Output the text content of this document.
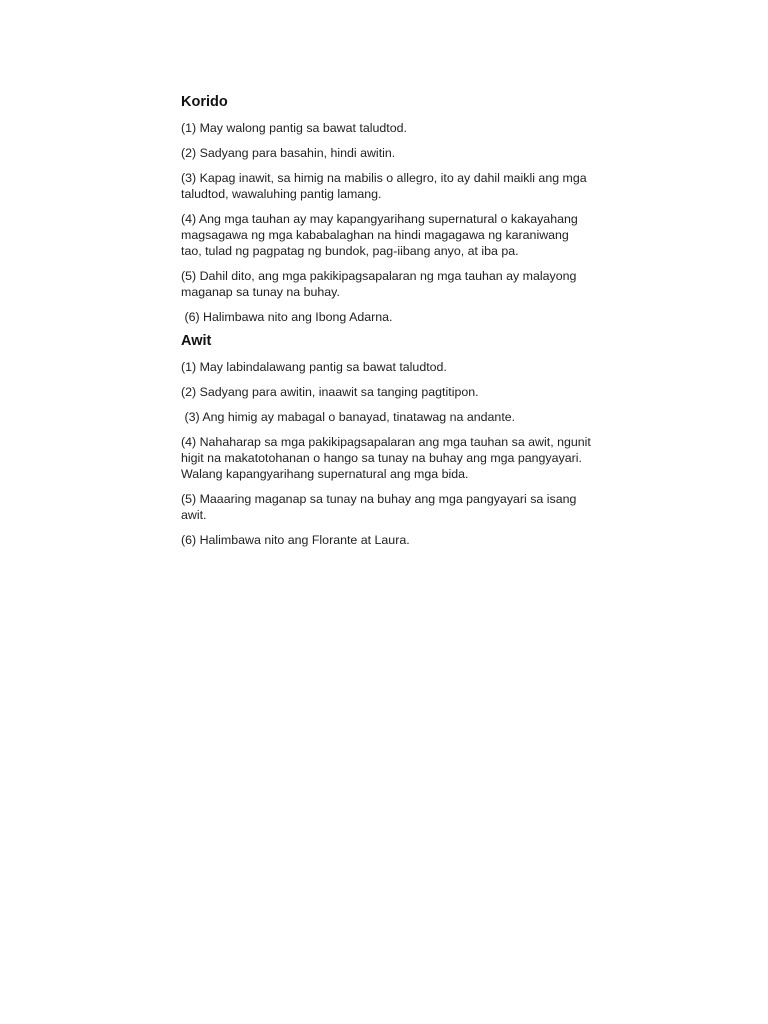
Korido
(1) May walong pantig sa bawat taludtod.
(2) Sadyang para basahin, hindi awitin.
(3) Kapag inawit, sa himig na mabilis o allegro, ito ay dahil maikli ang mga taludtod, wawaluhing pantig lamang.
(4) Ang mga tauhan ay may kapangyarihang supernatural o kakayahang magsagawa ng mga kababalaghan na hindi magagawa ng karaniwang tao, tulad ng pagpatag ng bundok, pag-iibang anyo, at iba pa.
(5) Dahil dito, ang mga pakikipagsapalaran ng mga tauhan ay malayong maganap sa tunay na buhay.
(6) Halimbawa nito ang Ibong Adarna.
Awit
(1) May labindalawang pantig sa bawat taludtod.
(2) Sadyang para awitin, inaawit sa tanging pagtitipon.
(3) Ang himig ay mabagal o banayad, tinatawag na andante.
(4) Nahaharap sa mga pakikipagsapalaran ang mga tauhan sa awit, ngunit higit na makatotohanan o hango sa tunay na buhay ang mga pangyayari. Walang kapangyarihang supernatural ang mga bida.
(5) Maaaring maganap sa tunay na buhay ang mga pangyayari sa isang awit.
(6) Halimbawa nito ang Florante at Laura.
